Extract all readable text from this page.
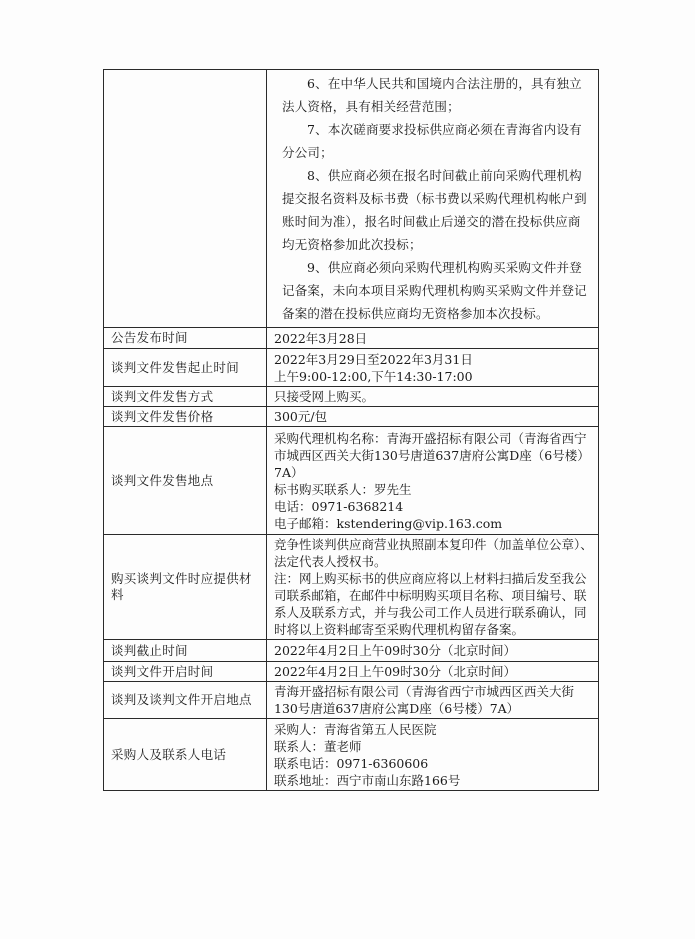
	6、在中华人民共和国境内合法注册的，具有独立法人资格，具有相关经营范围；

7、本次磋商要求投标供应商必须在青海省内设有分公司；

8、供应商必须在报名时间截止前向采购代理机构提交报名资料及标书费（标书费以采购代理机构帐户到账时间为准），报名时间截止后递交的潜在投标供应商均无资格参加此次投标；

9、供应商必须向采购代理机构购买采购文件并登记备案，未向本项目采购代理机构购买采购文件并登记备案的潜在投标供应商均无资格参加本次投标。

公告发布时间	2022年3月28日
谈判文件发售起止时间	2022年3月29日至2022年3月31日
上午9:00-12:00,下午14:30-17:00

谈判文件发售方式	只接受网上购买。
谈判文件发售价格	300元/包
谈判文件发售地点	采购代理机构名称：青海开盛招标有限公司（青海省西宁市城西区西关大街130号唐道637唐府公寓D座（6号楼）7A）
标书购买联系人：罗先生
电话：0971-6368214
电子邮箱：kstendering@vip.163.com

购买谈判文件时应提供材料	竞争性谈判供应商营业执照副本复印件（加盖单位公章）、法定代表人授权书。
注：网上购买标书的供应商应将以上材料扫描后发至我公司联系邮箱，在邮件中标明购买项目名称、项目编号、联系人及联系方式，并与我公司工作人员进行联系确认，同时将以上资料邮寄至采购代理机构留存备案。

谈判截止时间	2022年4月2日上午09时30分（北京时间）
谈判文件开启时间	2022年4月2日上午09时30分（北京时间）
谈判及谈判文件开启地点	青海开盛招标有限公司（青海省西宁市城西区西关大街130号唐道637唐府公寓D座（6号楼）7A）
采购人及联系人电话	采购人：青海省第五人民医院
联系人：董老师
联系电话：0971-6360606
联系地址：西宁市南山东路166号
